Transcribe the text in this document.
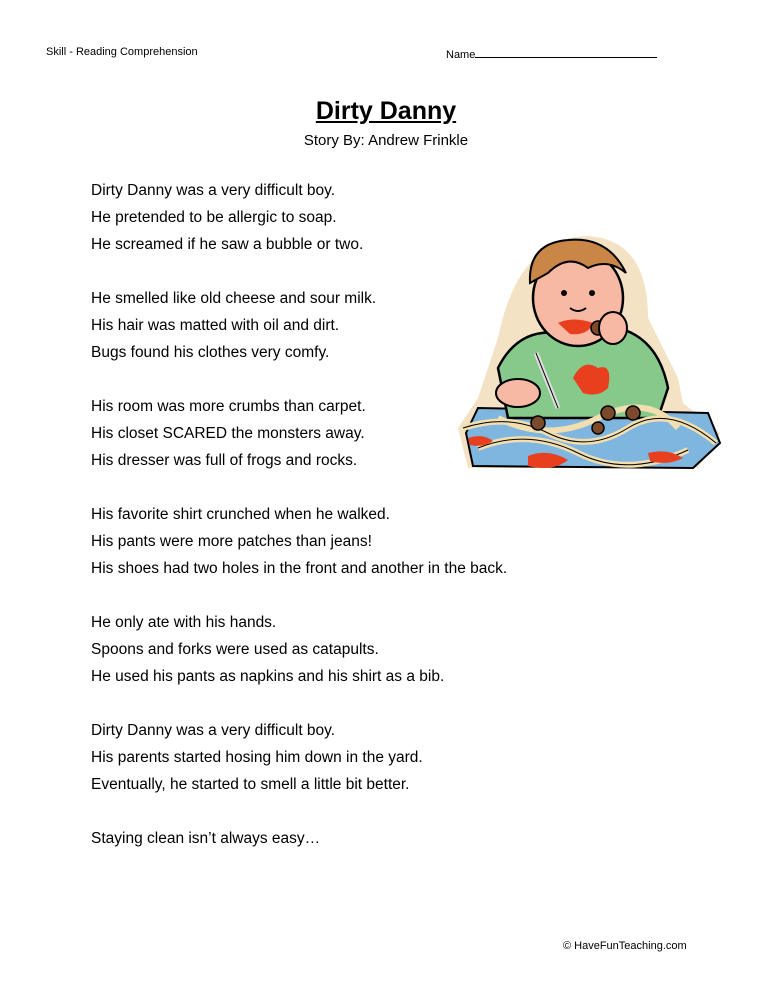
Skill - Reading Comprehension	Name
Dirty Danny
Story By: Andrew Frinkle
Dirty Danny was a very difficult boy.
He pretended to be allergic to soap.
He screamed if he saw a bubble or two.
He smelled like old cheese and sour milk.
His hair was matted with oil and dirt.
Bugs found his clothes very comfy.
His room was more crumbs than carpet.
His closet SCARED the monsters away.
His dresser was full of frogs and rocks.
His favorite shirt crunched when he walked.
His pants were more patches than jeans!
His shoes had two holes in the front and another in the back.
He only ate with his hands.
Spoons and forks were used as catapults.
He used his pants as napkins and his shirt as a bib.
Dirty Danny was a very difficult boy.
His parents started hosing him down in the yard.
Eventually, he started to smell a little bit better.
Staying clean isn’t always easy…
© HaveFunTeaching.com
